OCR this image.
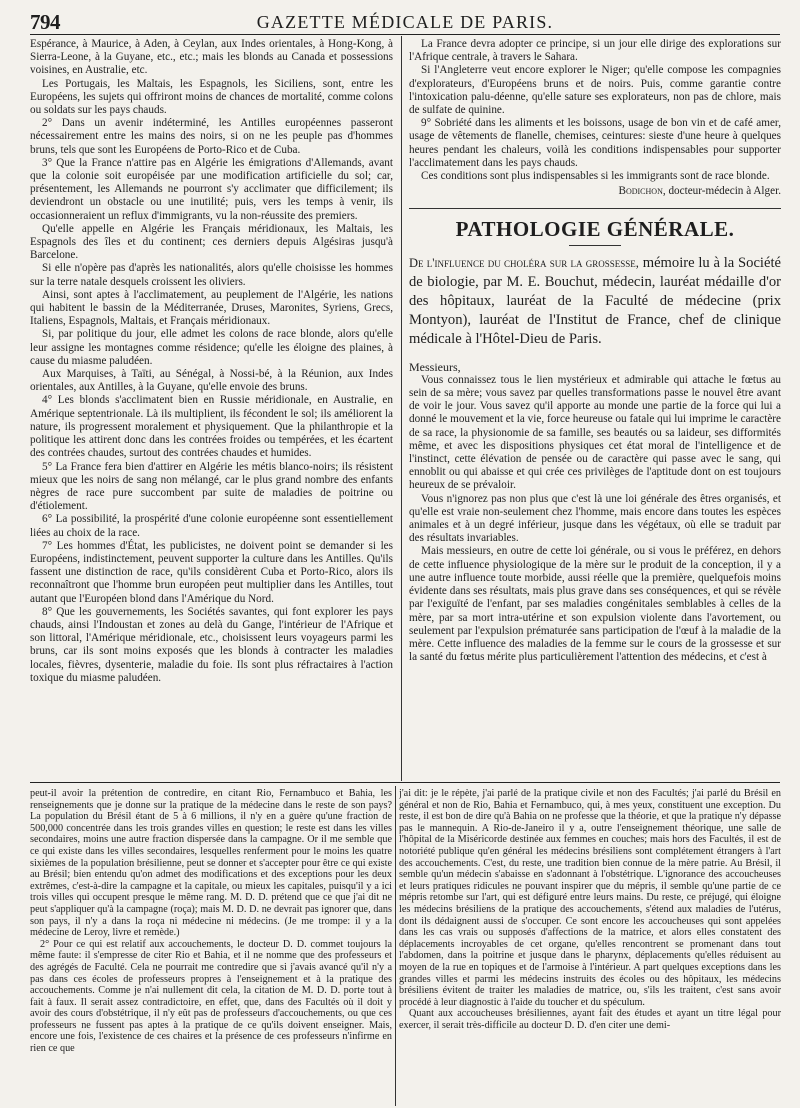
794	GAZETTE MÉDICALE DE PARIS.

Espérance, à Maurice, à Aden, à Ceylan, aux Indes orientales, à Hong-Kong, à Sierra-Leone, à la Guyane, etc., etc.; mais les blonds au Canada et possessions voisines, en Australie, etc.

Les Portugais, les Maltais, les Espagnols, les Siciliens, sont, entre les Européens, les sujets qui offriront moins de chances de mortalité, comme colons ou soldats sur les pays chauds.

2° Dans un avenir indéterminé, les Antilles européennes passeront nécessairement entre les mains des noirs, si on ne les peuple pas d'hommes bruns, tels que sont les Européens de Porto-Rico et de Cuba.

3° Que la France n'attire pas en Algérie les émigrations d'Allemands, avant que la colonie soit européisée par une modification artificielle du sol; car, présentement, les Allemands ne pourront s'y acclimater que difficilement; ils deviendront un obstacle ou une inutilité; puis, vers les temps à venir, ils occasionneraient un reflux d'immigrants, vu la non-réussite des premiers.

Qu'elle appelle en Algérie les Français méridionaux, les Maltais, les Espagnols des îles et du continent; ces derniers depuis Algésiras jusqu'à Barcelone.

Si elle n'opère pas d'après les nationalités, alors qu'elle choisisse les hommes sur la terre natale desquels croissent les oliviers.

Ainsi, sont aptes à l'acclimatement, au peuplement de l'Algérie, les nations qui habitent le bassin de la Méditerranée, Druses, Maronites, Syriens, Grecs, Italiens, Espagnols, Maltais, et Français méridionaux.

Si, par politique du jour, elle admet les colons de race blonde, alors qu'elle leur assigne les montagnes comme résidence; qu'elle les éloigne des plaines, à cause du miasme paludéen.

Aux Marquises, à Taïti, au Sénégal, à Nossi-bé, à la Réunion, aux Indes orientales, aux Antilles, à la Guyane, qu'elle envoie des bruns.

4° Les blonds s'acclimatent bien en Russie méridionale, en Australie, en Amérique septentrionale. Là ils multiplient, ils fécondent le sol; ils améliorent la nature, ils progressent moralement et physiquement. Que la philanthropie et la politique les attirent donc dans les contrées froides ou tempérées, et les écartent des contrées chaudes, surtout des contrées chaudes et humides.

5° La France fera bien d'attirer en Algérie les métis blanco-noirs; ils résistent mieux que les noirs de sang non mélangé, car le plus grand nombre des enfants nègres de race pure succombent par suite de maladies de poitrine ou d'étiolement.

6° La possibilité, la prospérité d'une colonie européenne sont essentiellement liées au choix de la race.

7° Les hommes d'État, les publicistes, ne doivent point se demander si les Européens, indistinctement, peuvent supporter la culture dans les Antilles. Qu'ils fassent une distinction de race, qu'ils considèrent Cuba et Porto-Rico, alors ils reconnaîtront que l'homme brun européen peut multiplier dans les Antilles, tout autant que l'Européen blond dans l'Amérique du Nord.

8° Que les gouvernements, les Sociétés savantes, qui font explorer les pays chauds, ainsi l'Indoustan et zones au delà du Gange, l'intérieur de l'Afrique et son littoral, l'Amérique méridionale, etc., choisissent leurs voyageurs parmi les bruns, car ils sont moins exposés que les blonds à contracter les maladies locales, fièvres, dysenterie, maladie du foie. Ils sont plus réfractaires à l'action toxique du miasme paludéen.

La France devra adopter ce principe, si un jour elle dirige des explorations sur l'Afrique centrale, à travers le Sahara.

Si l'Angleterre veut encore explorer le Niger; qu'elle compose les compagnies d'explorateurs, d'Européens bruns et de noirs. Puis, comme garantie contre l'intoxication palu-déenne, qu'elle sature ses explorateurs, non pas de chlore, mais de sulfate de quinine.

9° Sobriété dans les aliments et les boissons, usage de bon vin et de café amer, usage de vêtements de flanelle, chemises, ceintures: sieste d'une heure à quelques heures pendant les chaleurs, voilà les conditions indispensables pour supporter l'acclimatement dans les pays chauds.

Ces conditions sont plus indispensables si les immigrants sont de race blonde.

Bodichon, docteur-médecin à Alger.
PATHOLOGIE GÉNÉRALE.
De l'influence du choléra sur la grossesse, mémoire lu à la Société de biologie, par M. E. Bouchut, médecin, lauréat médaille d'or des hôpitaux, lauréat de la Faculté de médecine (prix Montyon), lauréat de l'Institut de France, chef de clinique médicale à l'Hôtel-Dieu de Paris.

Messieurs,

Vous connaissez tous le lien mystérieux et admirable qui attache le fœtus au sein de sa mère; vous savez par quelles transformations passe le nouvel être avant de voir le jour. Vous savez qu'il apporte au monde une partie de la force qui lui a donné le mouvement et la vie, force heureuse ou fatale qui lui imprime le caractère de sa race, la physionomie de sa famille, ses beautés ou sa laideur, ses difformités même, et avec les dispositions physiques cet état moral de l'intelligence et de l'instinct, cette élévation de pensée ou de caractère qui passe avec le sang, qui ennoblit ou qui abaisse et qui crée ces privilèges de l'aptitude dont on est toujours heureux de se prévaloir.

Vous n'ignorez pas non plus que c'est là une loi générale des êtres organisés, et qu'elle est vraie non-seulement chez l'homme, mais encore dans toutes les espèces animales et à un degré inférieur, jusque dans les végétaux, où elle se traduit par des résultats invariables.

Mais messieurs, en outre de cette loi générale, ou si vous le préférez, en dehors de cette influence physiologique de la mère sur le produit de la conception, il y a une autre influence toute morbide, aussi réelle que la première, quelquefois moins évidente dans ses résultats, mais plus grave dans ses conséquences, et qui se révèle par l'exiguïté de l'enfant, par ses maladies congénitales semblables à celles de la mère, par sa mort intra-utérine et son expulsion violente dans l'avortement, ou seulement par l'expulsion prématurée sans participation de l'œuf à la maladie de la mère. Cette influence des maladies de la femme sur le cours de la grossesse et sur la santé du fœtus mérite plus particulièrement l'attention des médecins, et c'est à

peut-il avoir la prétention de contredire, en citant Rio, Fernambuco et Bahia, les renseignements que je donne sur la pratique de la médecine dans le reste de son pays? La population du Brésil étant de 5 à 6 millions, il n'y en a guère qu'une fraction de 500,000 concentrée dans les trois grandes villes en question; le reste est dans les villes secondaires, moins une autre fraction dispersée dans la campagne. Or il me semble que ce qui existe dans les villes secondaires, lesquelles renferment pour le moins les quatre sixièmes de la population brésilienne, peut se donner et s'accepter pour être ce qui existe au Brésil; bien entendu qu'on admet des modifications et des exceptions pour les deux extrêmes, c'est-à-dire la campagne et la capitale, ou mieux les capitales, puisqu'il y a ici trois villes qui occupent presque le même rang. M. D. D. prétend que ce que j'ai dit ne peut s'appliquer qu'à la campagne (roça); mais M. D. D. ne devrait pas ignorer que, dans son pays, il n'y a dans la roça ni médecine ni médecins. (Je me trompe: il y a la médecine de Leroy, livre et remède.)

2° Pour ce qui est relatif aux accouchements, le docteur D. D. commet toujours la même faute: il s'empresse de citer Rio et Bahia, et il ne nomme que des professeurs et des agrégés de Faculté. Cela ne pourrait me contredire que si j'avais avancé qu'il n'y a pas dans ces écoles de professeurs propres à l'enseignement et à la pratique des accouchements. Comme je n'ai nullement dit cela, la citation de M. D. D. porte tout à fait à faux. Il serait assez contradictoire, en effet, que, dans des Facultés où il doit y avoir des cours d'obstétrique, il n'y eût pas de professeurs d'accouchements, ou que ces professeurs ne fussent pas aptes à la pratique de ce qu'ils doivent enseigner. Mais, encore une fois, l'existence de ces chaires et la présence de ces professeurs n'infirme en rien ce que

j'ai dit: je le répète, j'ai parlé de la pratique civile et non des Facultés; j'ai parlé du Brésil en général et non de Rio, Bahia et Fernambuco, qui, à mes yeux, constituent une exception. Du reste, il est bon de dire qu'à Bahia on ne professe que la théorie, et que la pratique n'y dépasse pas le mannequin. A Rio-de-Janeiro il y a, outre l'enseignement théorique, une salle de l'hôpital de la Miséricorde destinée aux femmes en couches; mais hors des Facultés, il est de notoriété publique qu'en général les médecins brésiliens sont complétement étrangers à l'art des accouchements. C'est, du reste, une tradition bien connue de la mère patrie. Au Brésil, il semble qu'un médecin s'abaisse en s'adonnant à l'obstétrique. L'ignorance des accoucheuses et leurs pratiques ridicules ne pouvant inspirer que du mépris, il semble qu'une partie de ce mépris retombe sur l'art, qui est défiguré entre leurs mains. Du reste, ce préjugé, qui éloigne les médecins brésiliens de la pratique des accouchements, s'étend aux maladies de l'utérus, dont ils dédaignent aussi de s'occuper. Ce sont encore les accoucheuses qui sont appelées dans les cas vrais ou supposés d'affections de la matrice, et alors elles constatent des déplacements incroyables de cet organe, qu'elles rencontrent se promenant dans tout l'abdomen, dans la poitrine et jusque dans le pharynx, déplacements qu'elles réduisent au moyen de la rue en topiques et de l'armoise à l'intérieur. A part quelques exceptions dans les grandes villes et parmi les médecins instruits des écoles ou des hôpitaux, les médecins brésiliens évitent de traiter les maladies de matrice, ou, s'ils les traitent, c'est sans avoir procédé à leur diagnostic à l'aide du toucher et du spéculum.

Quant aux accoucheuses brésiliennes, ayant fait des études et ayant un titre légal pour exercer, il serait très-difficile au docteur D. D. d'en citer une demi-
